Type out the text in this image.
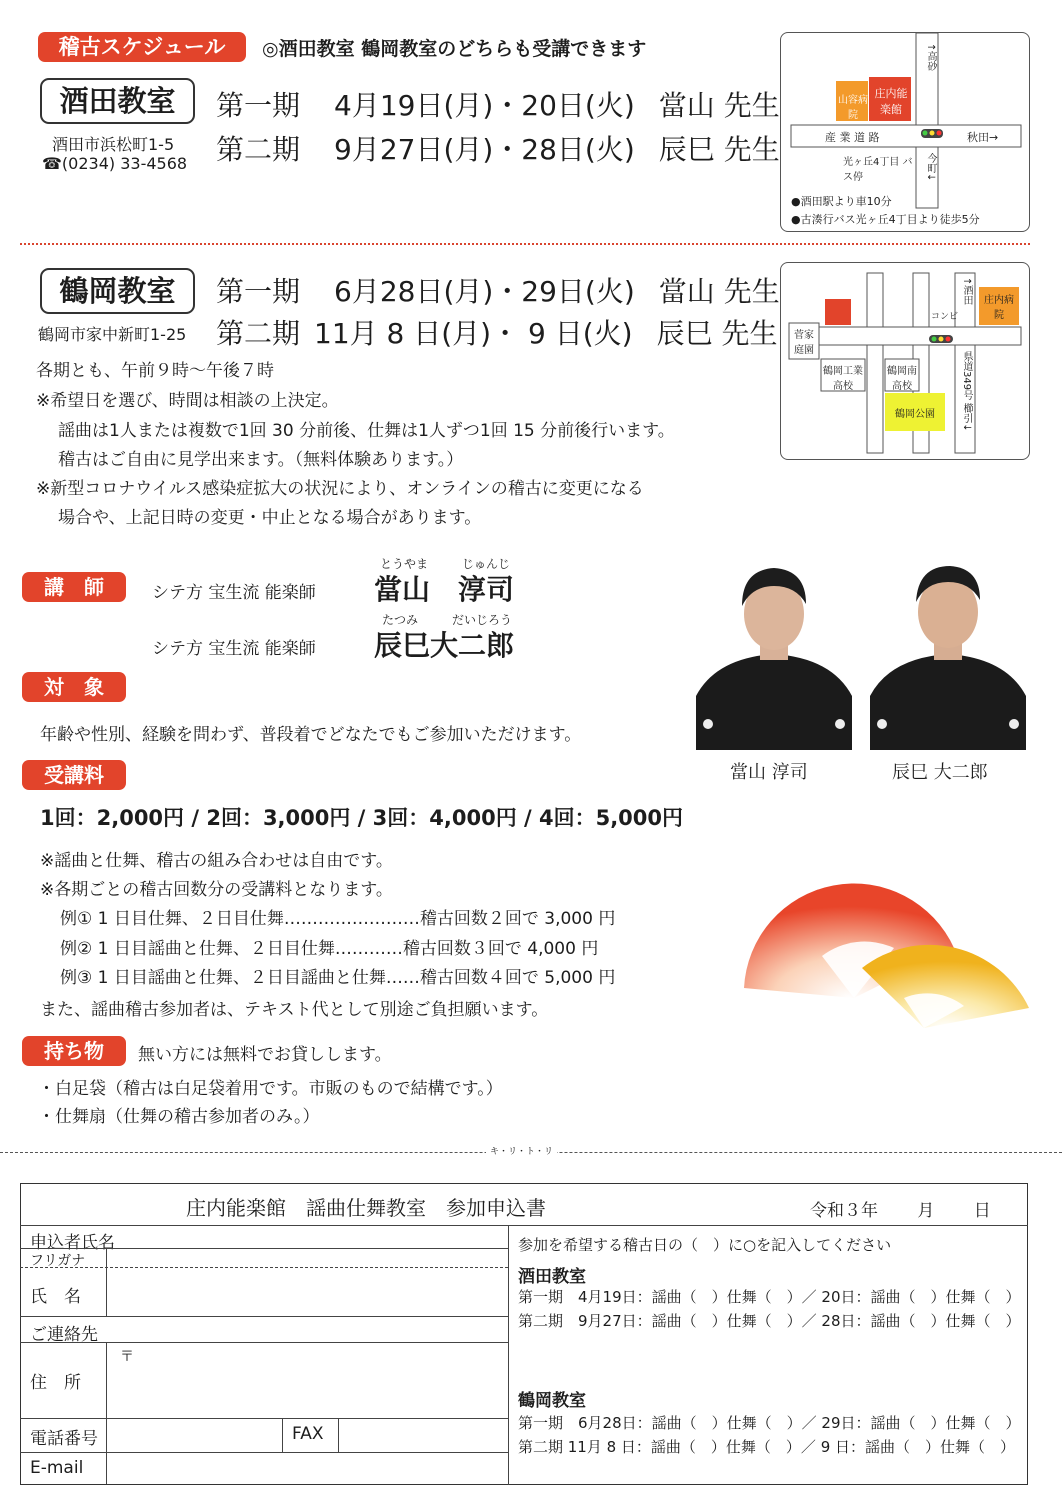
稽古スケジュール	◎酒田教室 鶴岡教室のどちらも受講できます
酒田教室
酒田市浜松町1-5
☎(0234) 33-4568
第一期 4月19日(月)・20日(火) 當山 先生
第二期 9月27日(月)・28日(火) 辰巳 先生
↑高砂
山容病院
庄内能楽館
産 業 道 路	秋田→
光ヶ丘4丁目 バス停
今町↓
●酒田駅より車10分
●古湊行バス光ヶ丘4丁目より徒歩5分
鶴岡教室
鶴岡市家中新町1-25
第一期 6月28日(月)・29日(火) 當山 先生
第二期 11月 8 日(月)・ 9 日(火) 辰巳 先生
↑酒田
コンビ
庄内病院
菅家庭園
鶴岡工業高校
鶴岡南高校
鶴岡公園
県道349号 櫛引↓
各期とも、午前９時〜午後７時
※希望日を選び、時間は相談の上決定。
謡曲は1人または複数で1回 30 分前後、仕舞は1人ずつ1回 15 分前後行います。
稽古はご自由に見学出来ます。（無料体験あります。）
※新型コロナウイルス感染症拡大の状況により、オンラインの稽古に変更になる
場合や、上記日時の変更・中止となる場合があります。
講　師	シテ方 宝生流 能楽師
とうやま	じゅんじ
當山　淳司
シテ方 宝生流 能楽師
たつみ	だいじろう
辰巳大二郎
當山 淳司	辰巳 大二郎
対　象
年齢や性別、経験を問わず、普段着でどなたでもご参加いただけます。
受講料
1回：2,000円 / 2回：3,000円 / 3回：4,000円 / 4回：5,000円
※謡曲と仕舞、稽古の組み合わせは自由です。
※各期ごとの稽古回数分の受講料となります。
例① 1 日目仕舞、２日目仕舞……………………稽古回数２回で 3,000 円
例② 1 日目謡曲と仕舞、２日目仕舞…………稽古回数３回で 4,000 円
例③ 1 日目謡曲と仕舞、２日目謡曲と仕舞……稽古回数４回で 5,000 円
また、謡曲稽古参加者は、テキスト代として別途ご負担願います。
持ち物	無い方には無料でお貸しします。
・白足袋（稽古は白足袋着用です。市販のもので結構です。）
・仕舞扇（仕舞の稽古参加者のみ。）
キ・リ・ト・リ
庄内能楽館　謡曲仕舞教室　参加申込書	令和３年　　 月　　 日
申込者氏名
フリガナ
氏　名
ご連絡先
〒
住　所
電話番号	FAX
E-mail
参加を希望する稽古日の（　）に○を記入してください
酒田教室
第一期　4月19日：謡曲（　）仕舞（　）／ 20日：謡曲（　）仕舞（　）
第二期　9月27日：謡曲（　）仕舞（　）／ 28日：謡曲（　）仕舞（　）
鶴岡教室
第一期　6月28日：謡曲（　）仕舞（　）／ 29日：謡曲（　）仕舞（　）
第二期 11月 8 日：謡曲（　）仕舞（　）／ 9 日：謡曲（　）仕舞（　）
